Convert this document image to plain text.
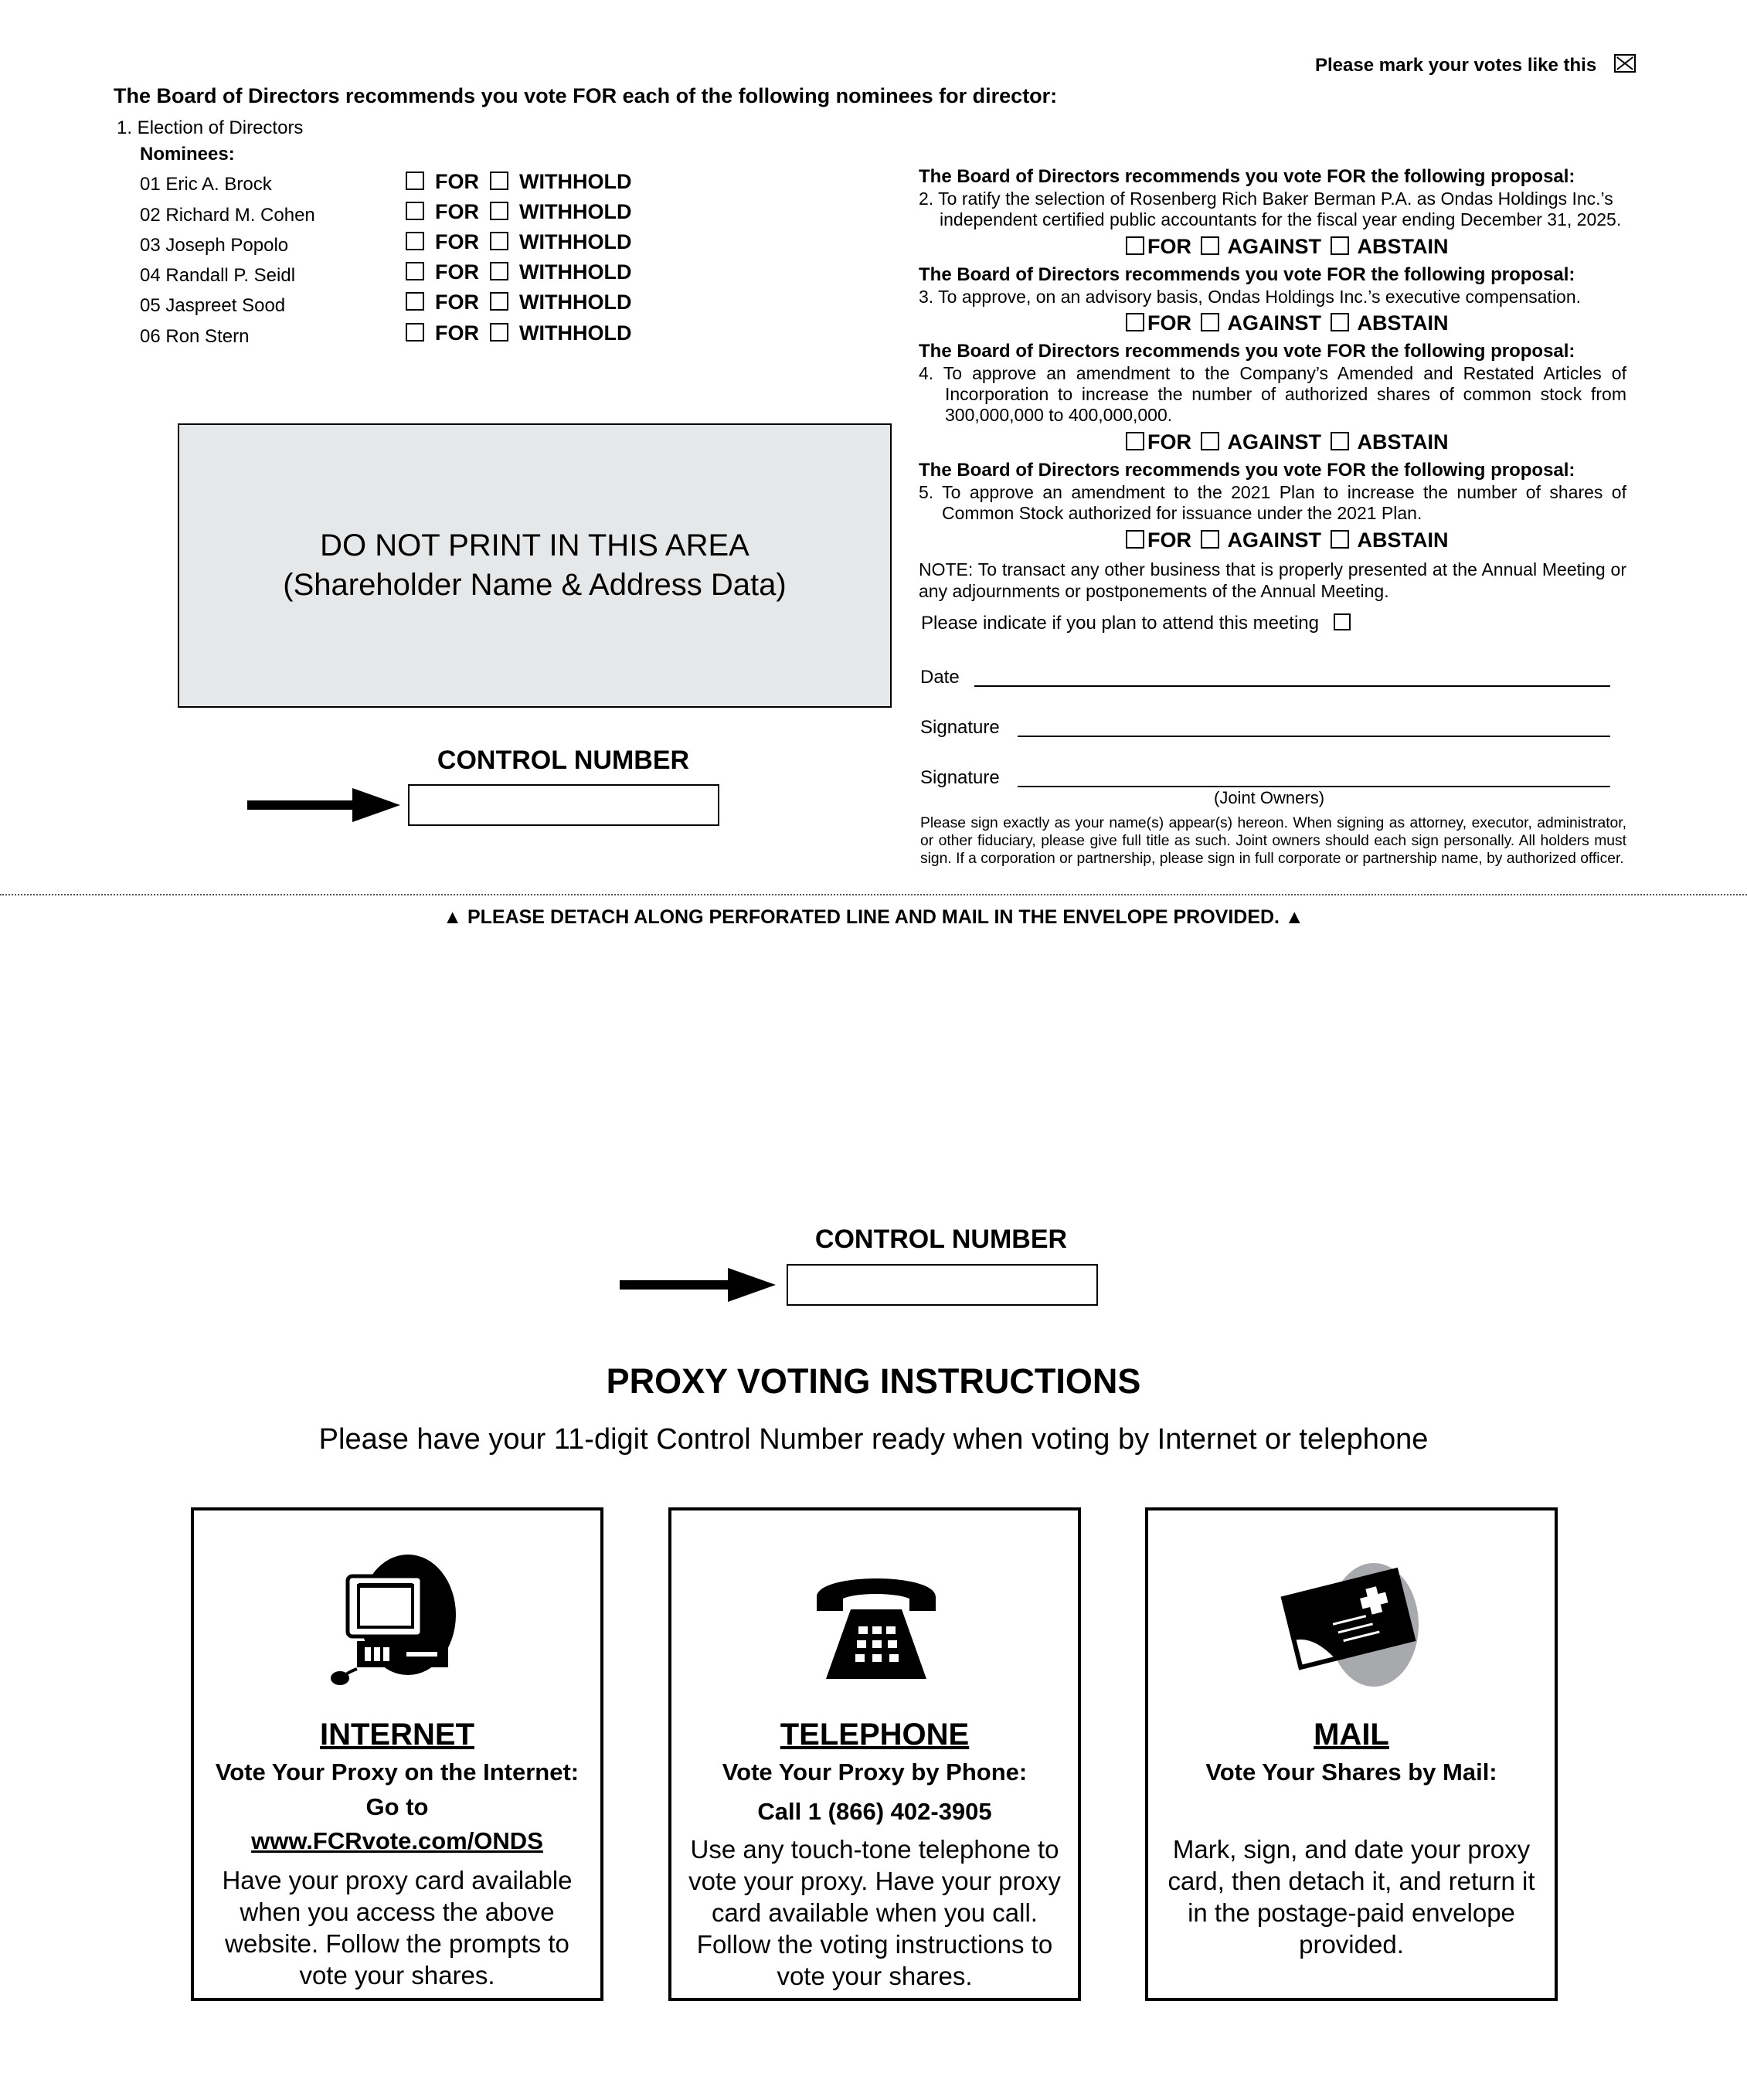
Please mark your votes like this
The Board of Directors recommends you vote FOR each of the following nominees for director:
1. Election of Directors
Nominees:
01 Eric A. Brock
02 Richard M. Cohen
03 Joseph Popolo
04 Randall P. Seidl
05 Jaspreet Sood
06 Ron Stern
FOR WITHHOLD
FOR WITHHOLD
FOR WITHHOLD
FOR WITHHOLD
FOR WITHHOLD
FOR WITHHOLD
DO NOT PRINT IN THIS AREA
(Shareholder Name & Address Data)
CONTROL NUMBER
The Board of Directors recommends you vote FOR the following proposal:
2. To ratify the selection of Rosenberg Rich Baker Berman P.A. as Ondas Holdings Inc.’s
independent certified public accountants for the fiscal year ending December 31, 2025.
FOR AGAINST ABSTAIN
The Board of Directors recommends you vote FOR the following proposal:
3. To approve, on an advisory basis, Ondas Holdings Inc.’s executive compensation.
FOR AGAINST ABSTAIN
The Board of Directors recommends you vote FOR the following proposal:
4. To approve an amendment to the Company’s Amended and Restated Articles of
Incorporation to increase the number of authorized shares of common stock from
300,000,000 to 400,000,000.
FOR AGAINST ABSTAIN
The Board of Directors recommends you vote FOR the following proposal:
5. To approve an amendment to the 2021 Plan to increase the number of shares of
Common Stock authorized for issuance under the 2021 Plan.
FOR AGAINST ABSTAIN
NOTE: To transact any other business that is properly presented at the Annual Meeting or any adjournments or postponements of the Annual Meeting.
Please indicate if you plan to attend this meeting
Date
Signature
Signature
(Joint Owners)
Please sign exactly as your name(s) appear(s) hereon. When signing as attorney, executor, administrator, or other fiduciary, please give full title as such. Joint owners should each sign personally. All holders must sign. If a corporation or partnership, please sign in full corporate or partnership name, by authorized officer.
▲ PLEASE DETACH ALONG PERFORATED LINE AND MAIL IN THE ENVELOPE PROVIDED. ▲
CONTROL NUMBER
PROXY VOTING INSTRUCTIONS
Please have your 11-digit Control Number ready when voting by Internet or telephone
INTERNET
Vote Your Proxy on the Internet:
Go to
www.FCRvote.com/ONDS
Have your proxy card available when you access the above website. Follow the prompts to vote your shares.
TELEPHONE
Vote Your Proxy by Phone:
Call 1 (866) 402-3905
Use any touch-tone telephone to vote your proxy. Have your proxy card available when you call. Follow the voting instructions to vote your shares.
MAIL
Vote Your Shares by Mail:
Mark, sign, and date your proxy card, then detach it, and return it in the postage-paid envelope provided.
